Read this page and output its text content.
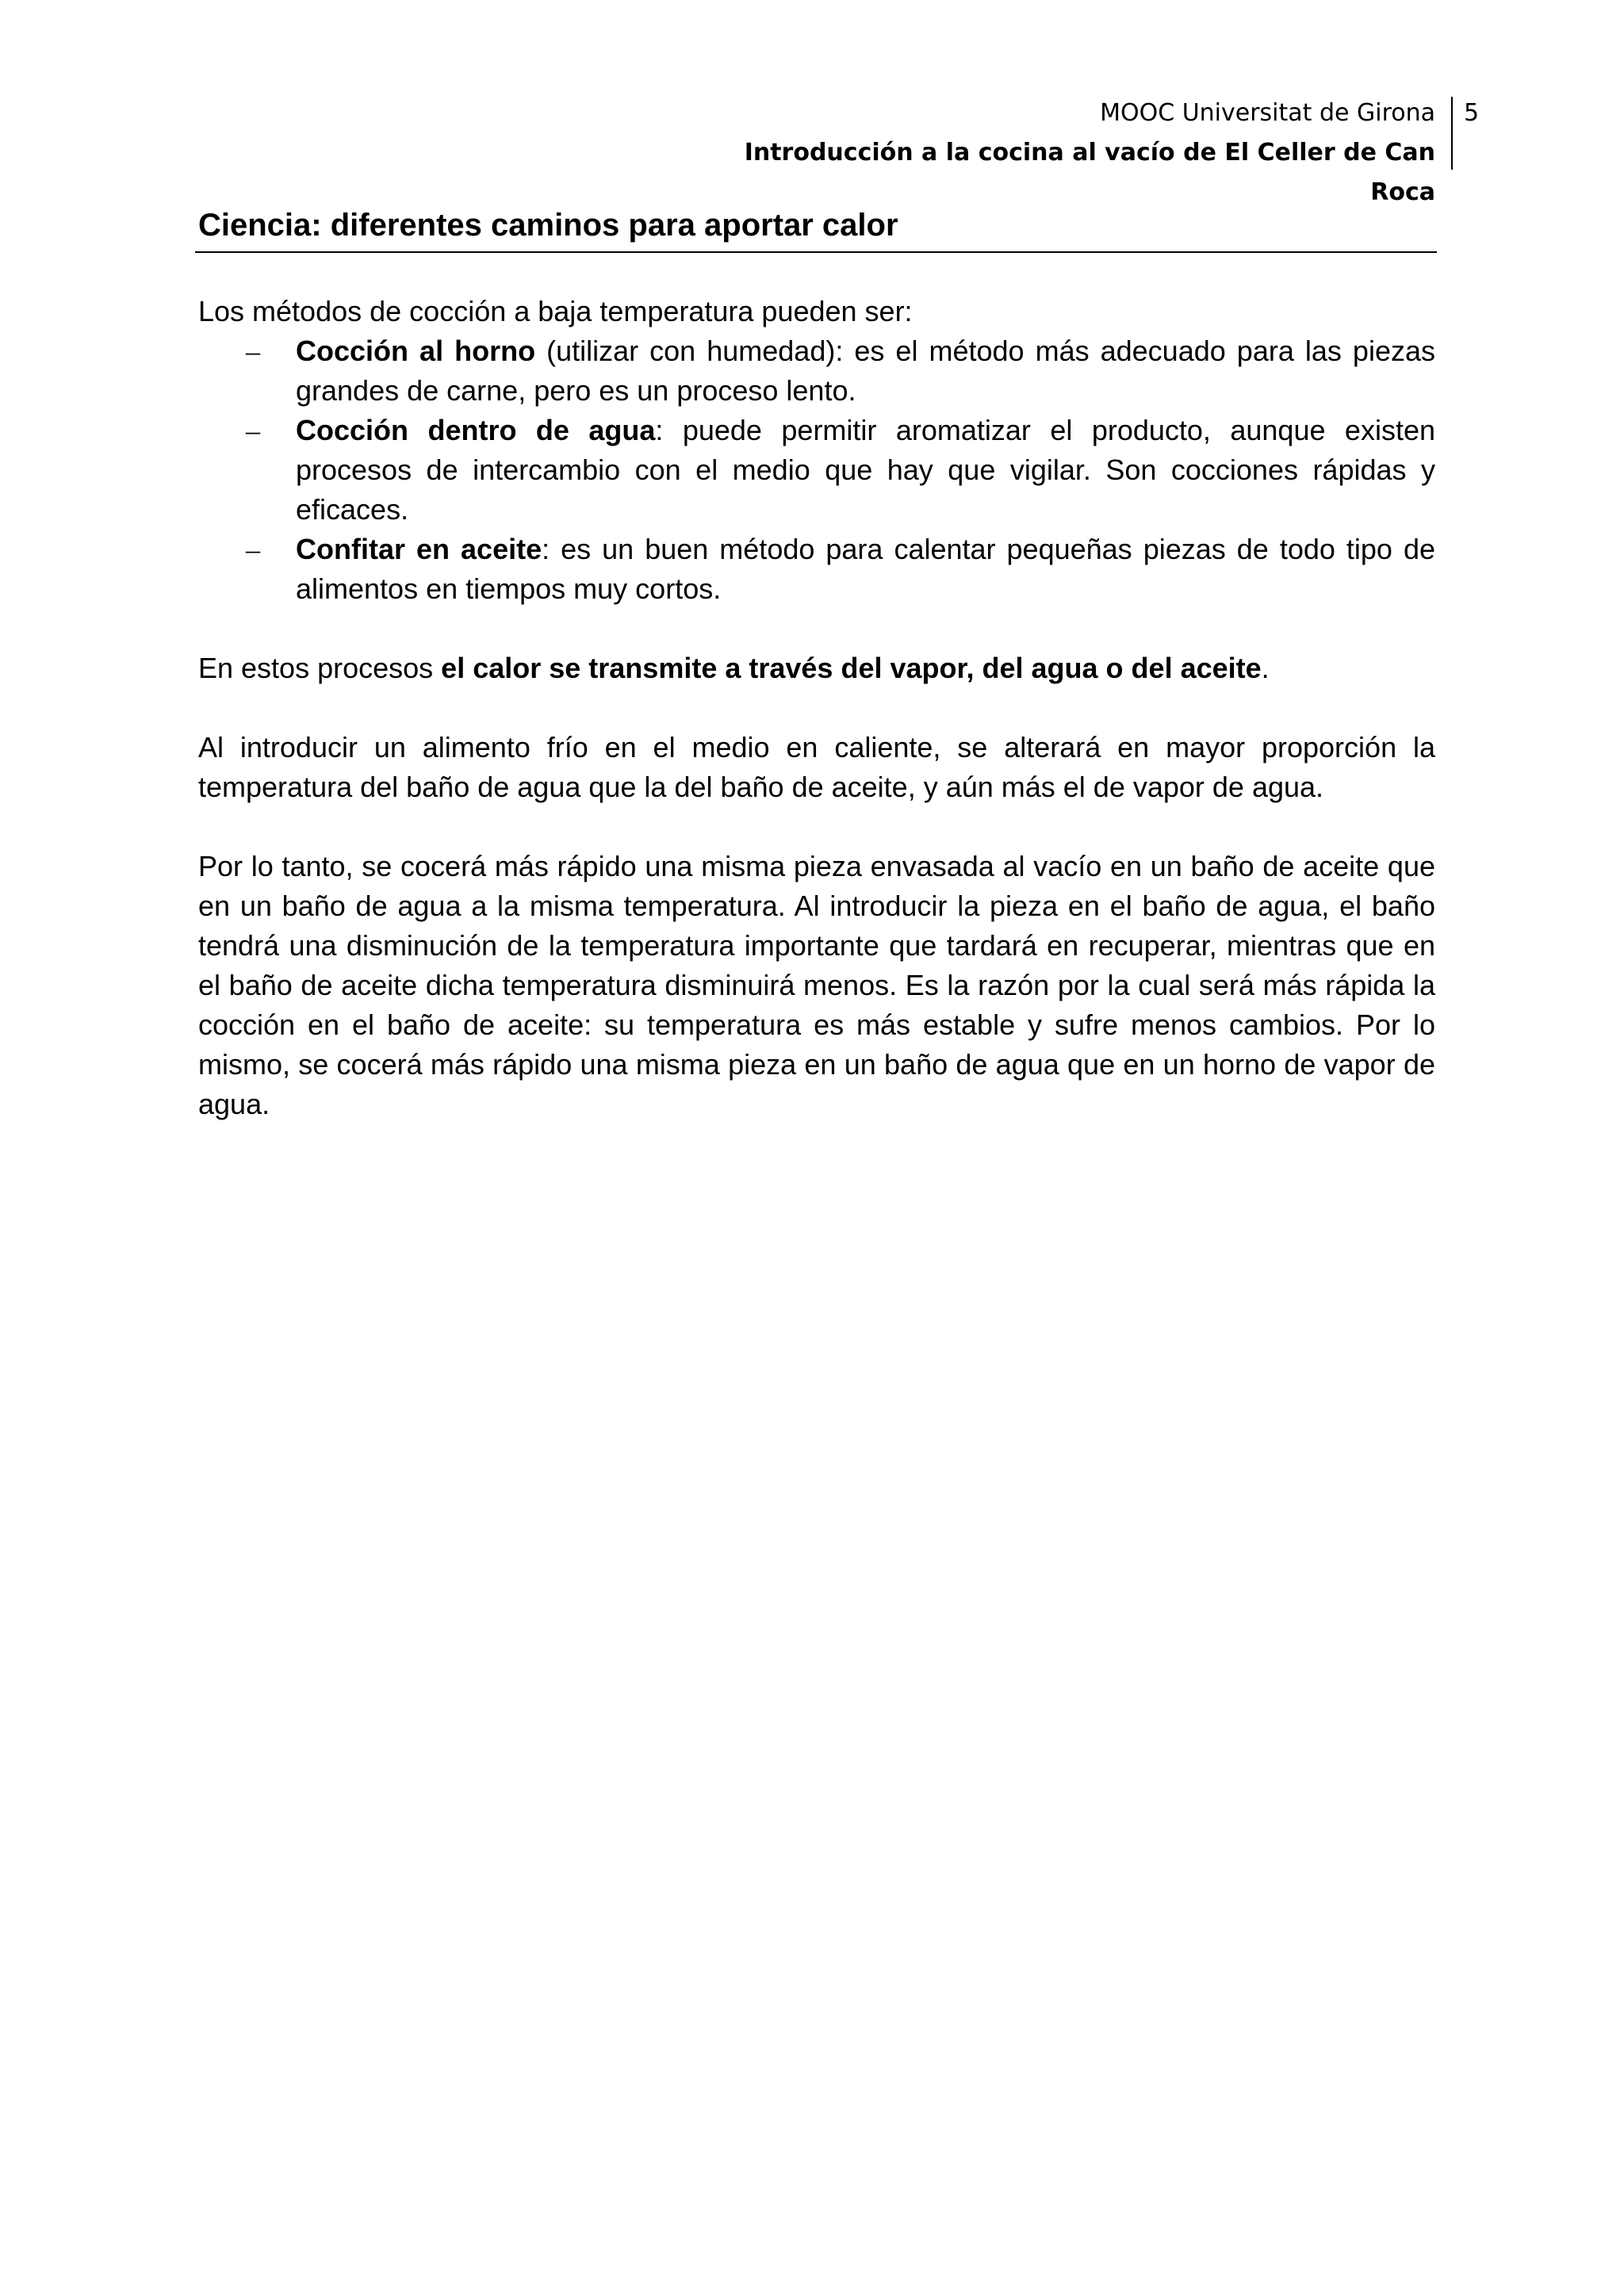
MOOC Universitat de Girona
Introducción a la cocina al vacío de El Celler de Can Roca
5
Ciencia: diferentes caminos para aportar calor

Los métodos de cocción a baja temperatura pueden ser:

– Cocción al horno (utilizar con humedad): es el método más adecuado para las piezas grandes de carne, pero es un proceso lento.
– Cocción dentro de agua: puede permitir aromatizar el producto, aunque existen procesos de intercambio con el medio que hay que vigilar. Son cocciones rápidas y eficaces.
– Confitar en aceite: es un buen método para calentar pequeñas piezas de todo tipo de alimentos en tiempos muy cortos.

En estos procesos el calor se transmite a través del vapor, del agua o del aceite.

Al introducir un alimento frío en el medio en caliente, se alterará en mayor proporción la temperatura del baño de agua que la del baño de aceite, y aún más el de vapor de agua.

Por lo tanto, se cocerá más rápido una misma pieza envasada al vacío en un baño de aceite que en un baño de agua a la misma temperatura. Al introducir la pieza en el baño de agua, el baño tendrá una disminución de la temperatura importante que tardará en recuperar, mientras que en el baño de aceite dicha temperatura disminuirá menos. Es la razón por la cual será más rápida la cocción en el baño de aceite: su temperatura es más estable y sufre menos cambios. Por lo mismo, se cocerá más rápido una misma pieza en un baño de agua que en un horno de vapor de agua.
